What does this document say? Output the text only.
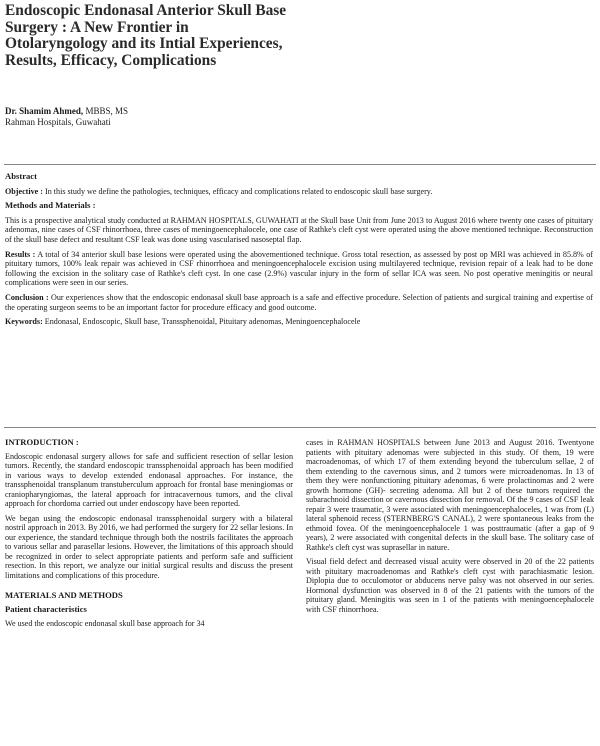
Endoscopic Endonasal Anterior Skull Base
Surgery : A New Frontier in
Otolaryngology and its Intial Experiences,
Results, Efficacy, Complications
Dr. Shamim Ahmed, MBBS, MS
Rahman Hospitals, Guwahati
Abstract

Objective : In this study we define the pathologies, techniques, efficacy and complications related to endoscopic skull base surgery.

Methods and Materials :

This is a prospective analytical study conducted at RAHMAN HOSPITALS, GUWAHATI at the Skull base Unit from June 2013 to August 2016 where twenty one cases of pituitary adenomas, nine cases of CSF rhinorrhoea, three cases of meningoencephalocele, one case of Rathke's cleft cyst were operated using the above mentioned technique. Reconstruction of the skull base defect and resultant CSF leak was done using vascularised nasoseptal flap.

Results : A total of 34 anterior skull base lesions were operated using the abovementioned technique. Gross total resection, as assessed by post op MRI was achieved in 85.8% of pituitary tumors, 100% leak repair was achieved in CSF rhinorrhoea and meningoencephalocele excision using multilayered technique, revision repair of a leak had to be done following the excision in the solitary case of Rathke's cleft cyst. In one case (2.9%) vascular injury in the form of sellar ICA was seen. No post operative meningitis or neural complications were seen in our series.

Conclusion : Our experiences show that the endoscopic endonasal skull base approach is a safe and effective procedure. Selection of patients and surgical training and expertise of the operating surgeon seems to be an important factor for procedure efficacy and good outcome.

Keywords: Endonasal, Endoscopic, Skull base, Transsphenoidal, Pituitary adenomas, Meningoencephalocele

INTRODUCTION :

Endoscopic endonasal surgery allows for safe and sufficient resection of sellar lesion tumors. Recently, the standard endoscopic transsphenoidal approach has been modified in various ways to develop extended endonasal approaches. For instance, the transsphenoidal transplanum transtuberculum approach for frontal base meningiomas or craniopharyngiomas, the lateral approach for intracavernous tumors, and the clival approach for chordoma carried out under endoscopy have been reported.

We began using the endoscopic endonasal transsphenoidal surgery with a bilateral nostril approach in 2013. By 2016, we had performed the surgery for 22 sellar lesions. In our experience, the standard technique through both the nostrils facilitates the approach to various sellar and parasellar lesions. However, the limitations of this approach should be recognized in order to select appropriate patients and perform safe and sufficient resection. In this report, we analyze our initial surgical results and discuss the present limitations and complications of this procedure.

MATERIALS AND METHODS
Patient characteristics

We used the endoscopic endonasal skull base approach for 34

cases in RAHMAN HOSPITALS between June 2013 and August 2016. Twentyone patients with pituitary adenomas were subjected in this study. Of them, 19 were macroadenomas, of which 17 of them extending beyond the tuberculum sellae, 2 of them extending to the cavernous sinus, and 2 tumors were microadenomas. In 13 of them they were nonfunctioning pituitary adenomas, 6 were prolactinomas and 2 were growth hormone (GH)- secreting adenoma. All but 2 of these tumors required the subarachnoid dissection or cavernous dissection for removal. Of the 9 cases of CSF leak repair 3 were traumatic, 3 were associated with meningoencephaloceles, 1 was from (L) lateral sphenoid recess (STERNBERG'S CANAL), 2 were spontaneous leaks from the ethmoid fovea. Of the meningoencephalocele 1 was posttraumatic (after a gap of 9 years), 2 were associated with congenital defects in the skull base. The solitary case of Rathke's cleft cyst was suprasellar in nature.

Visual field defect and decreased visual acuity were observed in 20 of the 22 patients with pituitary macroadenomas and Rathke's cleft cyst with parachiasmatic lesion. Diplopia due to occulomotor or abducens nerve palsy was not observed in our series. Hormonal dysfunction was observed in 8 of the 21 patients with the tumors of the pituitary gland. Meningitis was seen in 1 of the patients with meningoencephalocele with CSF rhinorrhoea.
